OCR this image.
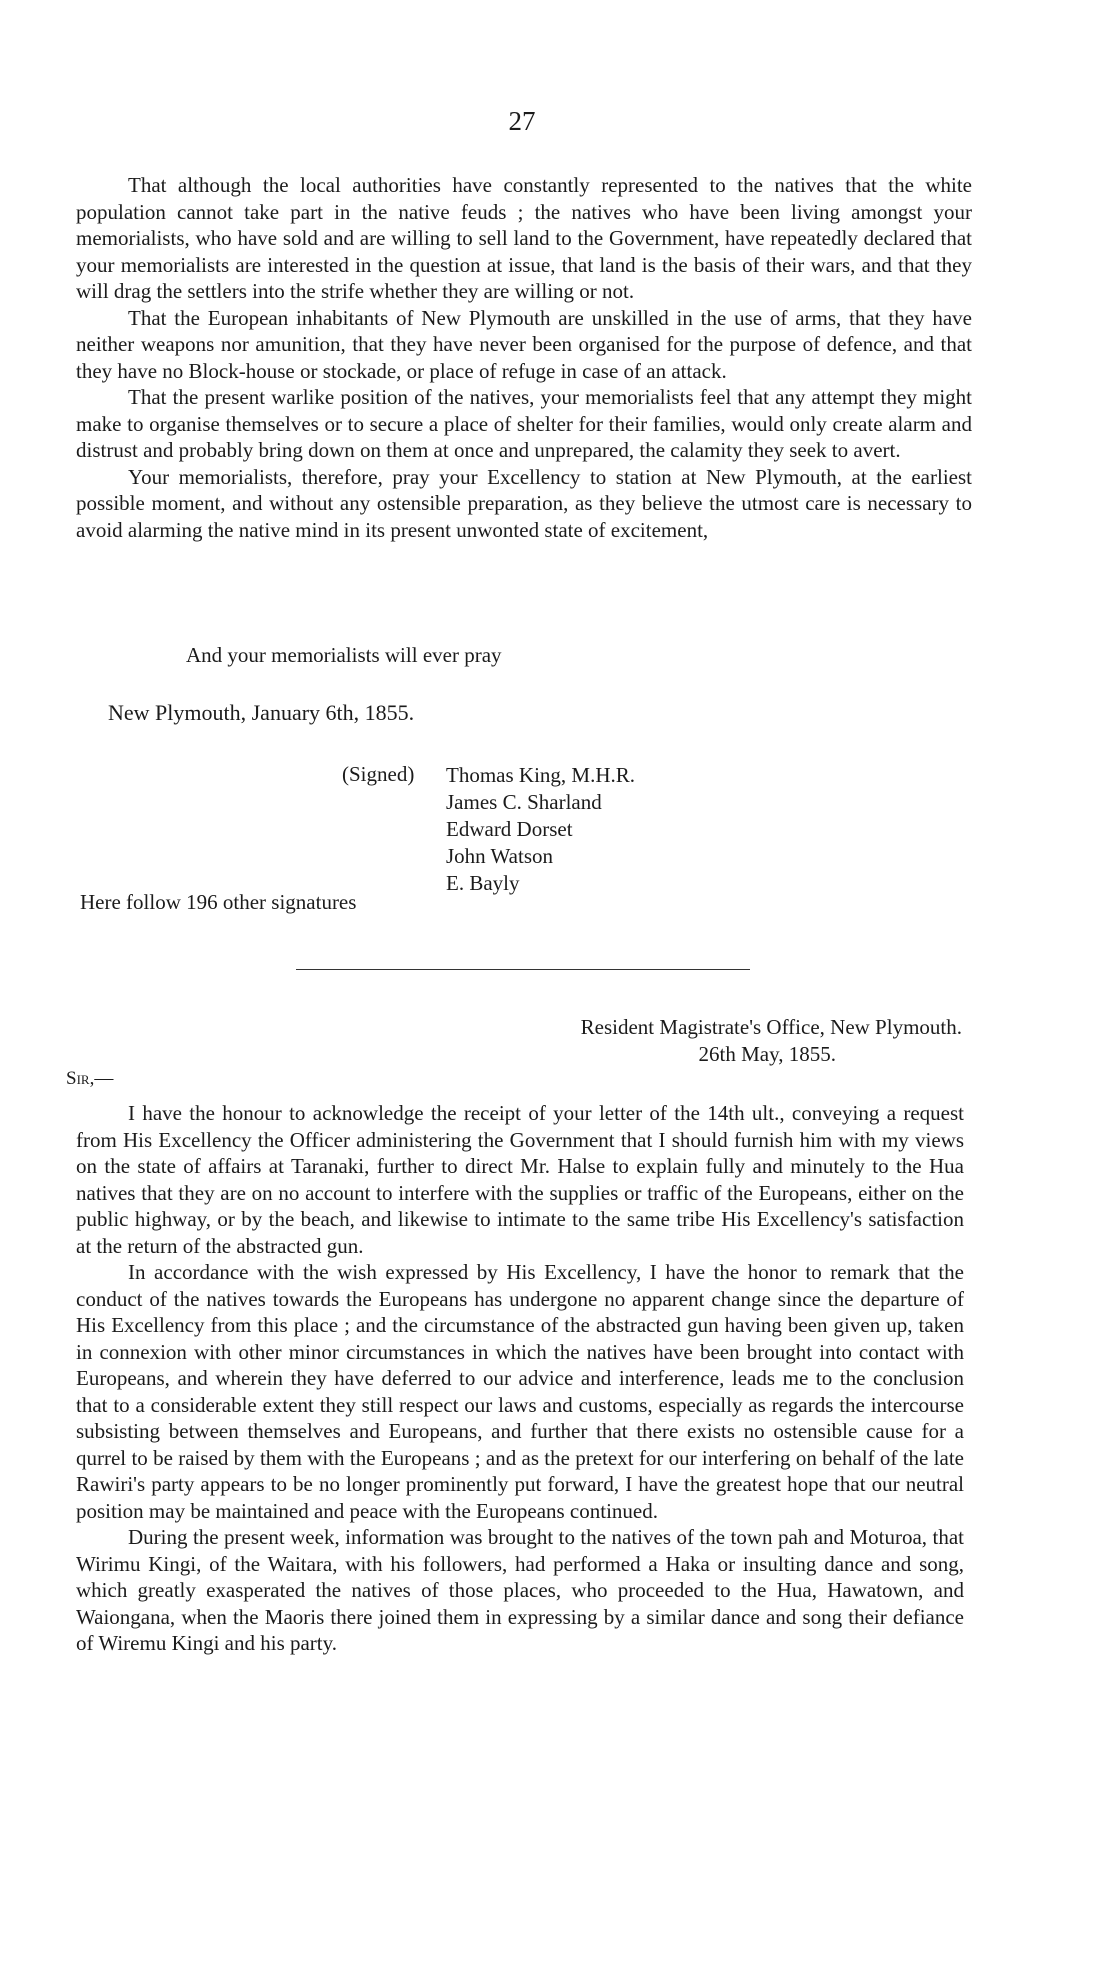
27

That although the local authorities have constantly represented to the natives that the white population cannot take part in the native feuds ; the natives who have been living amongst your memorialists, who have sold and are willing to sell land to the Government, have repeatedly declared that your memorialists are interested in the question at issue, that land is the basis of their wars, and that they will drag the settlers into the strife whether they are willing or not.

That the European inhabitants of New Plymouth are unskilled in the use of arms, that they have neither weapons nor amunition, that they have never been organised for the purpose of defence, and that they have no Block-house or stockade, or place of refuge in case of an attack.

That the present warlike position of the natives, your memorialists feel that any attempt they might make to organise themselves or to secure a place of shelter for their families, would only create alarm and distrust and probably bring down on them at once and unprepared, the calamity they seek to avert.

Your memorialists, therefore, pray your Excellency to station at New Plymouth, at the earliest possible moment, and without any ostensible preparation, as they believe the utmost care is necessary to avoid alarming the native mind in its present unwonted state of excitement,

And your memorialists will ever pray
New Plymouth, January 6th, 1855.
(Signed) Thomas King, M.H.R.
James C. Sharland
Edward Dorset
John Watson
E. Bayly
Here follow 196 other signatures
Resident Magistrate's Office, New Plymouth.
26th May, 1855.
Sir,—

I have the honour to acknowledge the receipt of your letter of the 14th ult., conveying a request from His Excellency the Officer administering the Government that I should furnish him with my views on the state of affairs at Taranaki, further to direct Mr. Halse to explain fully and minutely to the Hua natives that they are on no account to interfere with the supplies or traffic of the Europeans, either on the public highway, or by the beach, and likewise to intimate to the same tribe His Excellency's satisfaction at the return of the abstracted gun.

In accordance with the wish expressed by His Excellency, I have the honor to remark that the conduct of the natives towards the Europeans has undergone no apparent change since the departure of His Excellency from this place ; and the circumstance of the abstracted gun having been given up, taken in connexion with other minor circumstances in which the natives have been brought into contact with Europeans, and wherein they have deferred to our advice and interference, leads me to the conclusion that to a considerable extent they still respect our laws and customs, especially as regards the intercourse subsisting between themselves and Europeans, and further that there exists no ostensible cause for a qurrel to be raised by them with the Europeans ; and as the pretext for our interfering on behalf of the late Rawiri's party appears to be no longer prominently put forward, I have the greatest hope that our neutral position may be maintained and peace with the Europeans continued.

During the present week, information was brought to the natives of the town pah and Moturoa, that Wirimu Kingi, of the Waitara, with his followers, had performed a Haka or insulting dance and song, which greatly exasperated the natives of those places, who proceeded to the Hua, Hawatown, and Waiongana, when the Maoris there joined them in expressing by a similar dance and song their defiance of Wiremu Kingi and his party.
